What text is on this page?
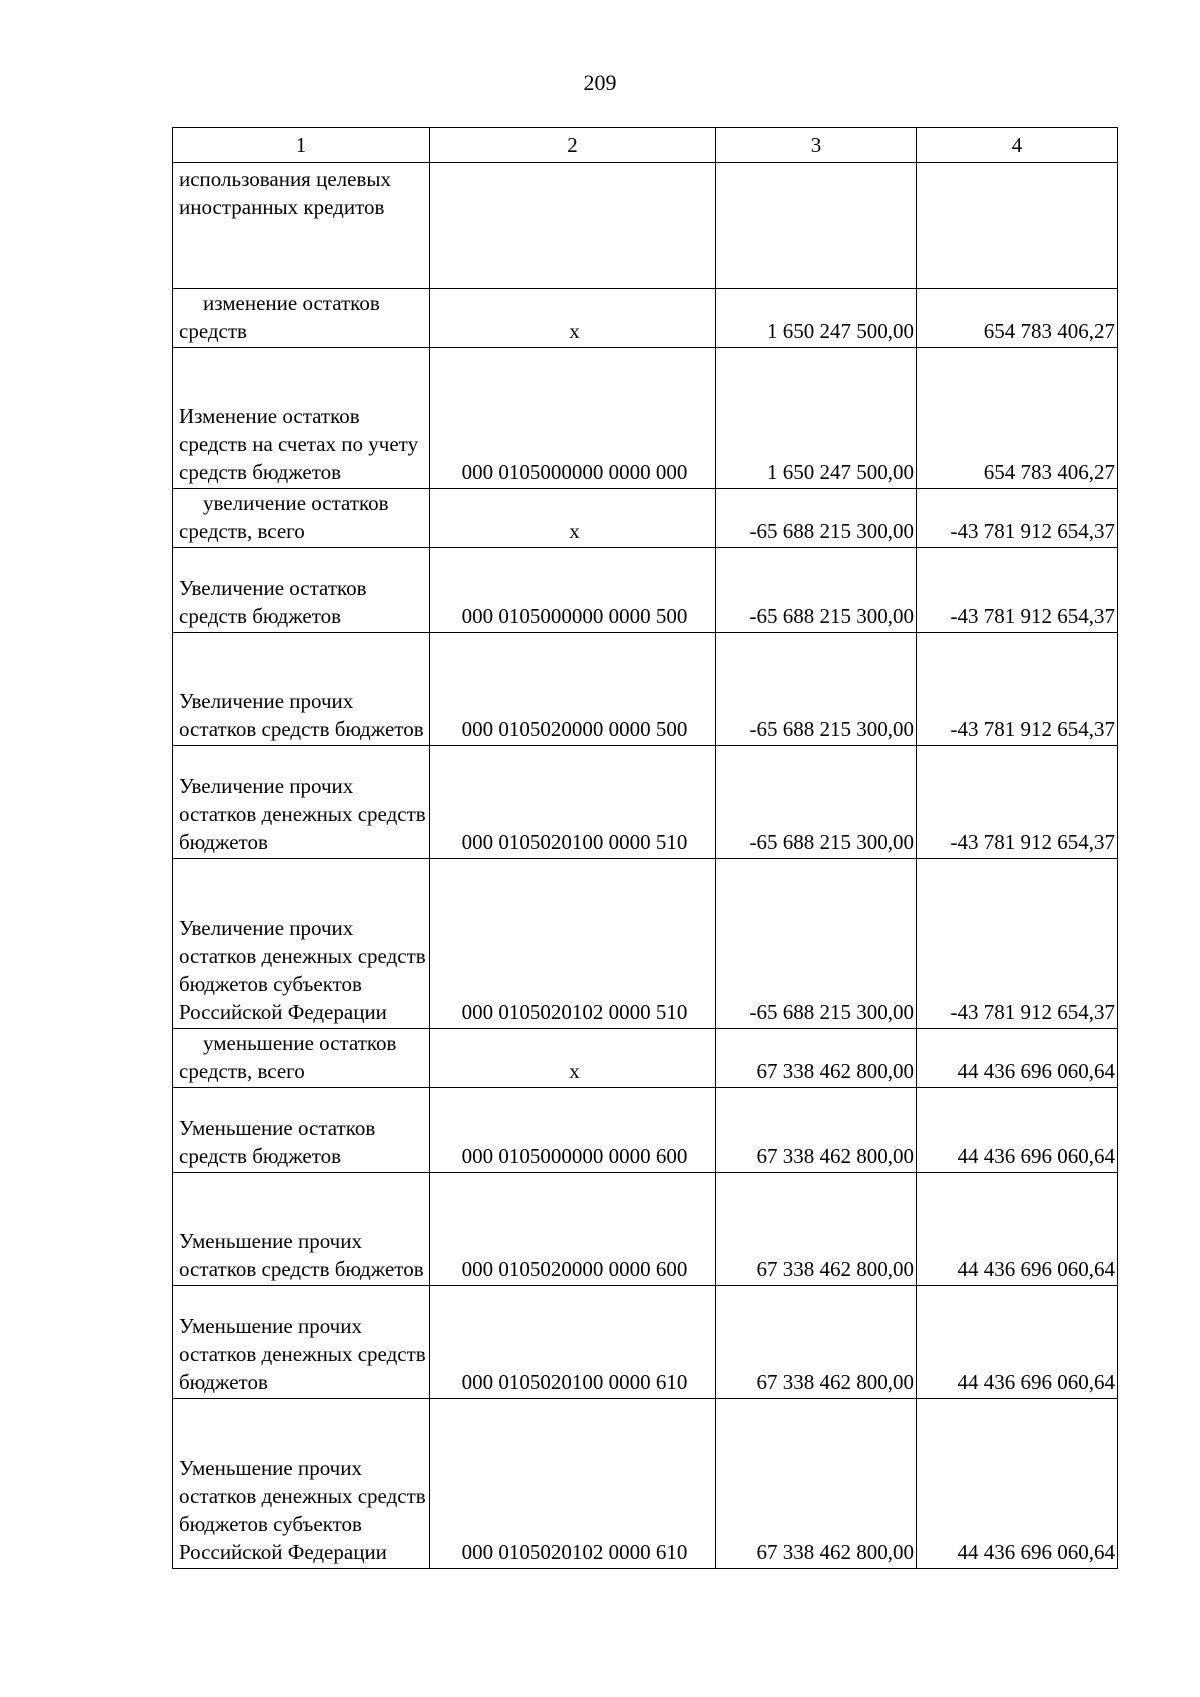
209
1	2	3	4
использования целевых иностранных кредитов			
изменение остатков средств	x	1 650 247 500,00	654 783 406,27
Изменение остатков средств на счетах по учету средств бюджетов	000 0105000000 0000 000	1 650 247 500,00	654 783 406,27
увеличение остатков средств, всего	x	-65 688 215 300,00	-43 781 912 654,37
Увеличение остатков средств бюджетов	000 0105000000 0000 500	-65 688 215 300,00	-43 781 912 654,37
Увеличение прочих остатков средств бюджетов	000 0105020000 0000 500	-65 688 215 300,00	-43 781 912 654,37
Увеличение прочих остатков денежных средств бюджетов	000 0105020100 0000 510	-65 688 215 300,00	-43 781 912 654,37
Увеличение прочих остатков денежных средств бюджетов субъектов Российской Федерации	000 0105020102 0000 510	-65 688 215 300,00	-43 781 912 654,37
уменьшение остатков средств, всего	x	67 338 462 800,00	44 436 696 060,64
Уменьшение остатков средств бюджетов	000 0105000000 0000 600	67 338 462 800,00	44 436 696 060,64
Уменьшение прочих остатков средств бюджетов	000 0105020000 0000 600	67 338 462 800,00	44 436 696 060,64
Уменьшение прочих остатков денежных средств бюджетов	000 0105020100 0000 610	67 338 462 800,00	44 436 696 060,64
Уменьшение прочих остатков денежных средств бюджетов субъектов Российской Федерации	000 0105020102 0000 610	67 338 462 800,00	44 436 696 060,64
